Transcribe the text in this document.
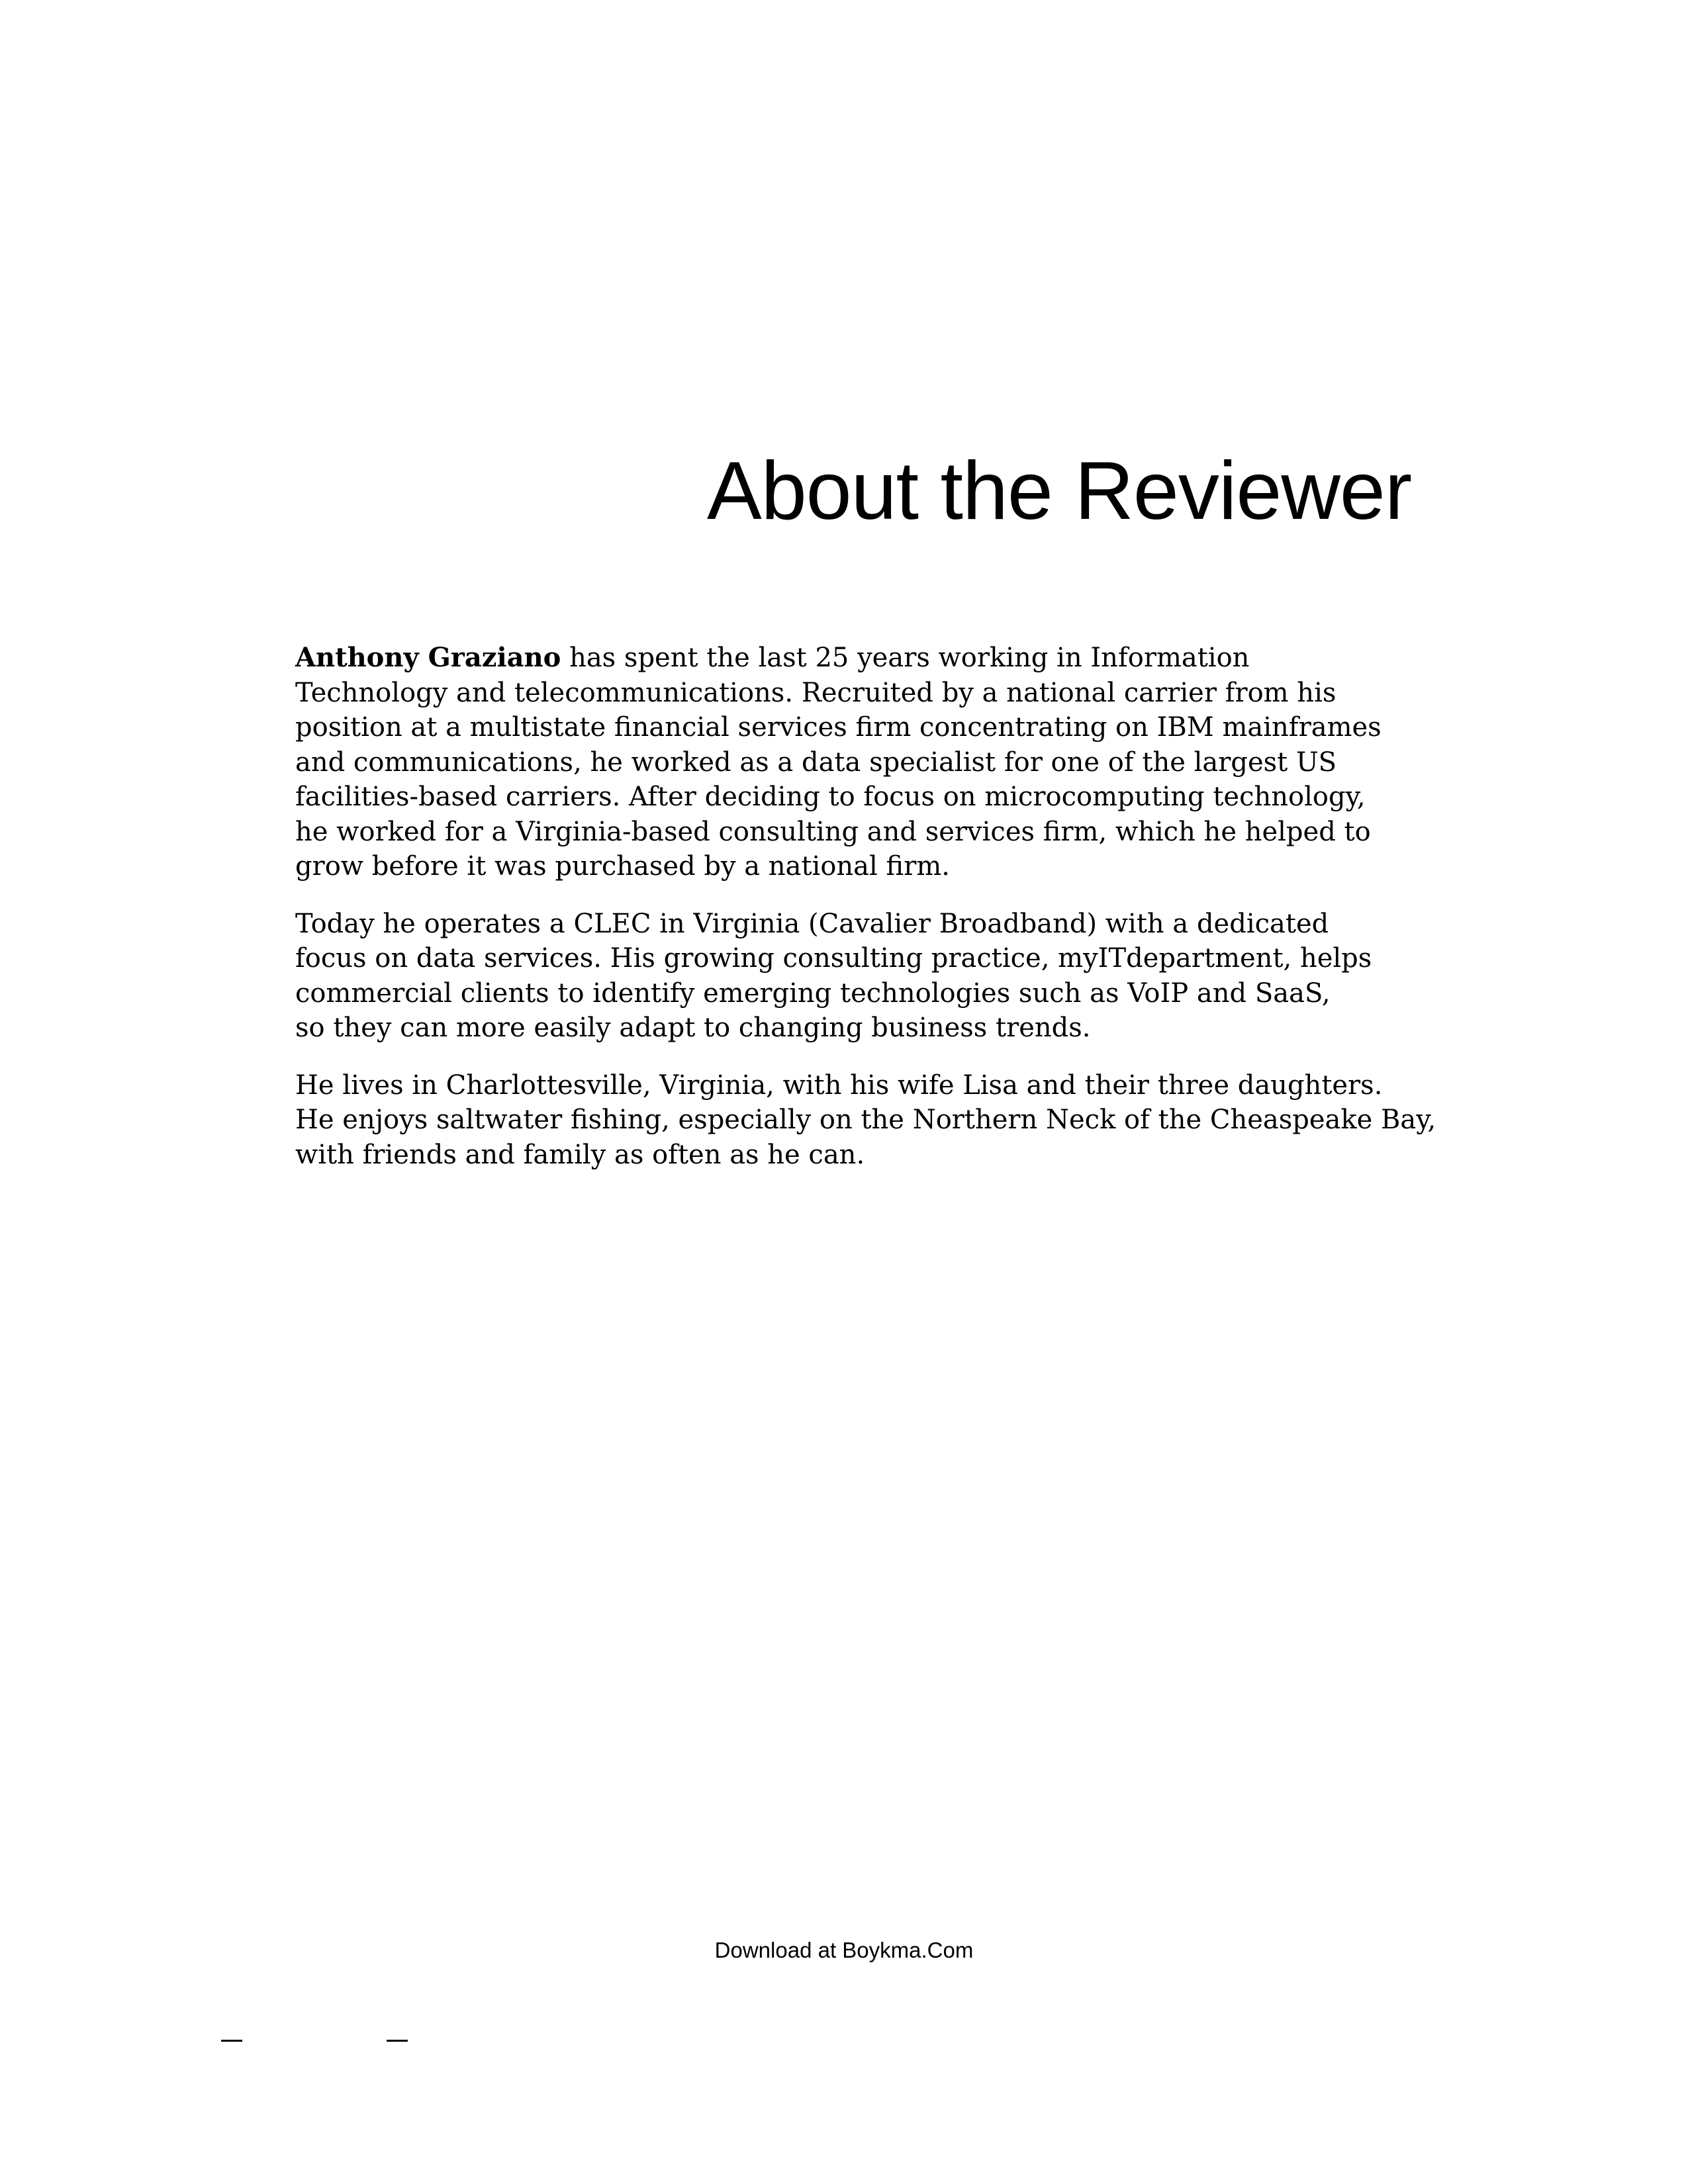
About the Reviewer

Anthony Graziano has spent the last 25 years working in Information
Technology and telecommunications. Recruited by a national carrier from his
position at a multistate financial services firm concentrating on IBM mainframes
and communications, he worked as a data specialist for one of the largest US
facilities-based carriers. After deciding to focus on microcomputing technology,
he worked for a Virginia-based consulting and services firm, which he helped to
grow before it was purchased by a national firm.

Today he operates a CLEC in Virginia (Cavalier Broadband) with a dedicated
focus on data services. His growing consulting practice, myITdepartment, helps
commercial clients to identify emerging technologies such as VoIP and SaaS,
so they can more easily adapt to changing business trends.

He lives in Charlottesville, Virginia, with his wife Lisa and their three daughters.
He enjoys saltwater fishing, especially on the Northern Neck of the Cheaspeake Bay,
with friends and family as often as he can.

Download at Boykma.Com
